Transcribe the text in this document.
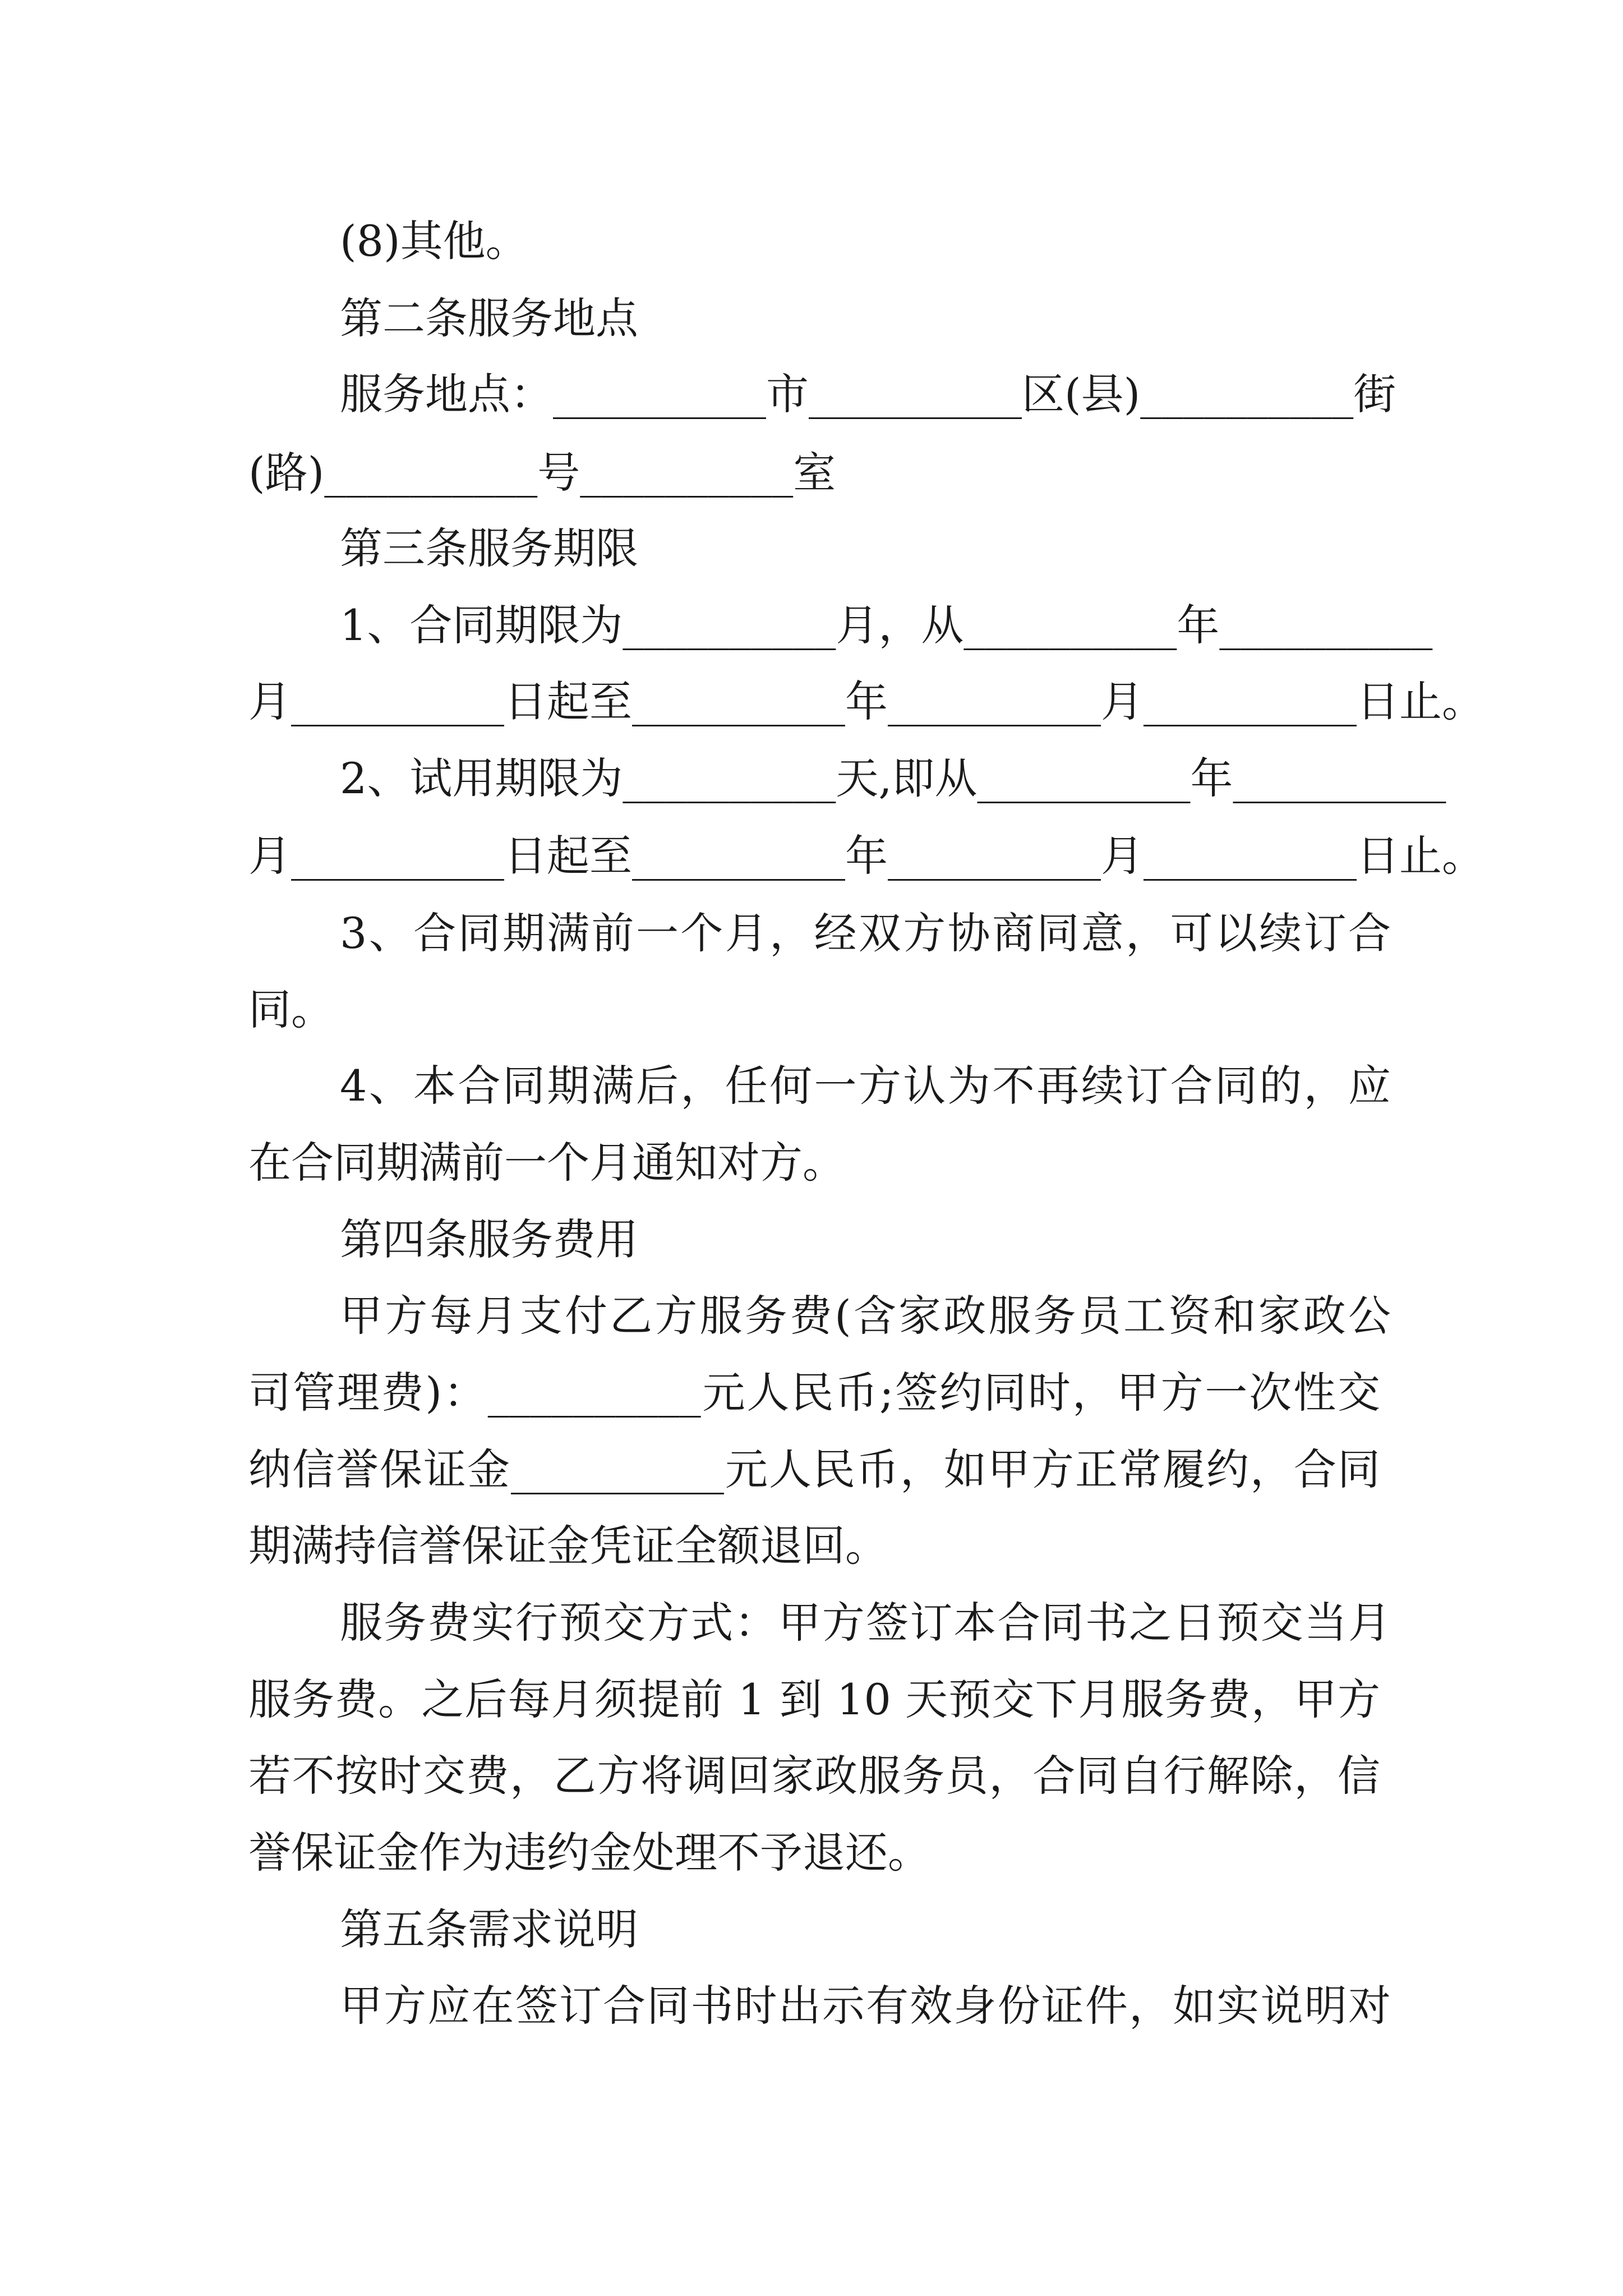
(8)其他。
第二条服务地点
服务地点：__________市__________区(县)__________街
(路)__________号__________室
第三条服务期限
1、合同期限为__________月，从__________年__________
月__________日起至__________年__________月__________日止。
2、试用期限为__________天,即从__________年__________
月__________日起至__________年__________月__________日止。
3、合同期满前一个月，经双方协商同意，可以续订合
同。
4、本合同期满后，任何一方认为不再续订合同的，应
在合同期满前一个月通知对方。
第四条服务费用
甲方每月支付乙方服务费(含家政服务员工资和家政公
司管理费)：__________元人民币;签约同时，甲方一次性交
纳信誉保证金__________元人民币，如甲方正常履约，合同
期满持信誉保证金凭证全额退回。
服务费实行预交方式：甲方签订本合同书之日预交当月
服务费。之后每月须提前 1 到 10 天预交下月服务费，甲方
若不按时交费，乙方将调回家政服务员，合同自行解除，信
誉保证金作为违约金处理不予退还。
第五条需求说明
甲方应在签订合同书时出示有效身份证件，如实说明对
